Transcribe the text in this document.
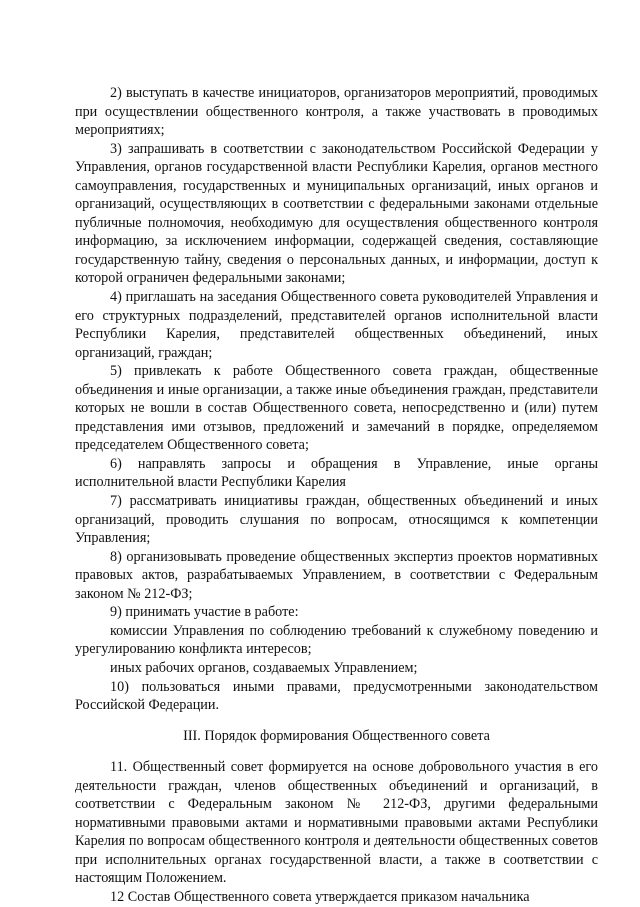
2) выступать в качестве инициаторов, организаторов мероприятий, проводимых при осуществлении общественного контроля, а также участвовать в проводимых мероприятиях;

3) запрашивать в соответствии с законодательством Российской Федерации у Управления, органов государственной власти Республики Карелия, органов местного самоуправления, государственных и муниципальных организаций, иных органов и организаций, осуществляющих в соответствии с федеральными законами отдельные публичные полномочия, необходимую для осуществления общественного контроля информацию, за исключением информации, содержащей сведения, составляющие государственную тайну, сведения о персональных данных, и информации, доступ к которой ограничен федеральными законами;

4) приглашать на заседания Общественного совета руководителей Управления и его структурных подразделений, представителей органов исполнительной власти Республики Карелия, представителей общественных объединений, иных организаций, граждан;

5) привлекать к работе Общественного совета граждан, общественные объединения и иные организации, а также иные объединения граждан, представители которых не вошли в состав Общественного совета, непосредственно и (или) путем представления ими отзывов, предложений и замечаний в порядке, определяемом председателем Общественного совета;

6) направлять запросы и обращения в Управление, иные органы исполнительной власти Республики Карелия

7) рассматривать инициативы граждан, общественных объединений и иных организаций, проводить слушания по вопросам, относящимся к компетенции Управления;

8) организовывать проведение общественных экспертиз проектов нормативных правовых актов, разрабатываемых Управлением, в соответствии с Федеральным законом № 212-ФЗ;

9) принимать участие в работе:

комиссии Управления по соблюдению требований к служебному поведению и урегулированию конфликта интересов;

иных рабочих органов, создаваемых Управлением;

10) пользоваться иными правами, предусмотренными законодательством Российской Федерации.

III. Порядок формирования Общественного совета

11. Общественный совет формируется на основе добровольного участия в его деятельности граждан, членов общественных объединений и организаций, в соответствии с Федеральным законом № 212-ФЗ, другими федеральными нормативными правовыми актами и нормативными правовыми актами Республики Карелия по вопросам общественного контроля и деятельности общественных советов при исполнительных органах государственной власти, а также в соответствии с настоящим Положением.

12 Состав Общественного совета утверждается приказом начальника
